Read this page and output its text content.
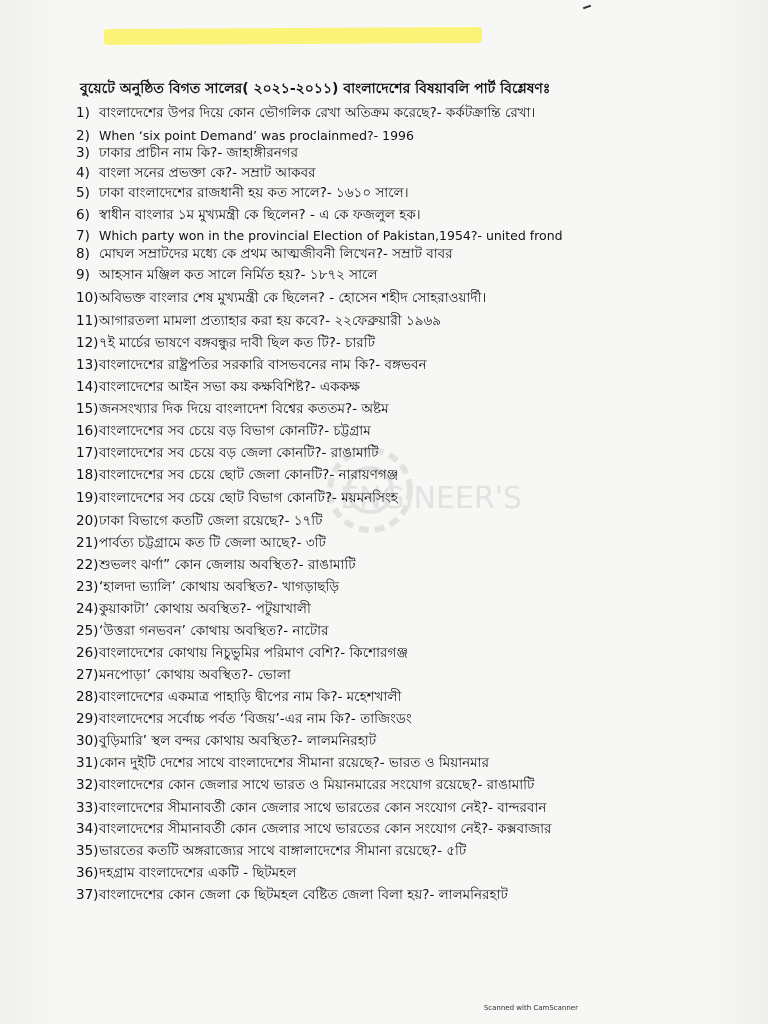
ENGINEER'S
বুয়েটে অনুষ্ঠিত বিগত সালের( ২০২১-২০১১) বাংলাদেশের বিষয়াবলি পার্ট বিশ্লেষণঃ
1) বাংলাদেশের উপর দিয়ে কোন ভৌগলিক রেখা অতিক্রম করেছে?- কর্কটক্রান্তি রেখা।
2) When ‘six point Demand’ was proclainmed?- 1996
3) ঢাকার প্রাচীন নাম কি?- জাহাঙ্গীরনগর
4) বাংলা সনের প্রভক্তা কে?- সম্রাট আকবর
5) ঢাকা বাংলাদেশের রাজধানী হয় কত সালে?- ১৬১০ সালে।
6) স্বাধীন বাংলার ১ম মুখ্যমন্ত্রী কে ছিলেন? - এ কে ফজলুল হক।
7) Which party won in the provincial Election of Pakistan,1954?- united frond
8) মোঘল সম্রাটদের মধ্যে কে প্রথম আত্মজীবনী লিখেন?- সম্রাট বাবর
9) আহসান মঞ্জিল কত সালে নির্মিত হয়?- ১৮৭২ সালে
10) অবিভক্ত বাংলার শেষ মুখ্যমন্ত্রী কে ছিলেন? - হোসেন শহীদ সোহরাওয়ার্দী।
11) আগারতলা মামলা প্রত্যাহার করা হয় কবে?- ২২ফেব্রুয়ারী ১৯৬৯
12) ৭ই মার্চের ভাষণে বঙ্গবন্ধুর দাবী ছিল কত টি?- চারটি
13) বাংলাদেশের রাষ্ট্রপতির সরকারি বাসভবনের নাম কি?- বঙ্গভবন
14) বাংলাদেশের আইন সভা কয় কক্ষবিশিষ্ট?- এককক্ষ
15) জনসংখ্যার দিক দিয়ে বাংলাদেশ বিশ্বের কততম?- অষ্টম
16) বাংলাদেশের সব চেয়ে বড় বিভাগ কোনটি?- চট্টগ্রাম
17) বাংলাদেশের সব চেয়ে বড় জেলা কোনটি?- রাঙামাটি
18) বাংলাদেশের সব চেয়ে ছোট জেলা কোনটি?- নারায়ণগঞ্জ
19) বাংলাদেশের সব চেয়ে ছোট বিভাগ কোনটি?- ময়মনসিংহ
20) ঢাকা বিভাগে কতটি জেলা রয়েছে?- ১৭টি
21) পার্বত্য চট্টগ্রামে কত টি জেলা আছে?- ৩টি
22) শুভলং ঝর্ণা” কোন জেলায় অবস্থিত?- রাঙামাটি
23) ‘হালদা ভ্যালি’ কোথায় অবস্থিত?- খাগড়াছড়ি
24) কুয়াকাটা’ কোথায় অবস্থিত?- পটুয়াখালী
25) ‘উত্তরা গনভবন’ কোথায় অবস্থিত?- নাটোর
26) বাংলাদেশের কোথায় নিচুভুমির পরিমাণ বেশি?- কিশোরগঞ্জ
27) মনপোড়া’ কোথায় অবস্থিত?- ভোলা
28) বাংলাদেশের একমাত্র পাহাড়ি দ্বীপের নাম কি?- মহেশখালী
29) বাংলাদেশের সর্বোচ্চ পর্বত ‘বিজয়’-এর নাম কি?- তাজিংডং
30) বুড়িমারি’ স্থল বন্দর কোথায় অবস্থিত?- লালমনিরহাট
31) কোন দুইটি দেশের সাথে বাংলাদেশের সীমানা রয়েছে?- ভারত ও মিয়ানমার
32) বাংলাদেশের কোন জেলার সাথে ভারত ও মিয়ানমারের সংযোগ রয়েছে?- রাঙামাটি
33) বাংলাদেশের সীমানাবর্তী কোন জেলার সাথে ভারতের কোন সংযোগ নেই?- বান্দরবান
34) বাংলাদেশের সীমানাবর্তী কোন জেলার সাথে ভারতের কোন সংযোগ নেই?- কক্সবাজার
35) ভারতের কতটি অঙ্গরাজ্যের সাথে বাঙ্গালাদেশের সীমানা রয়েছে?- ৫টি
36) দহগ্রাম বাংলাদেশের একটি - ছিটমহল
37) বাংলাদেশের কোন জেলা কে ছিটমহল বেষ্টিত জেলা বিলা হয়?- লালমনিরহাট
Scanned with CamScanner
